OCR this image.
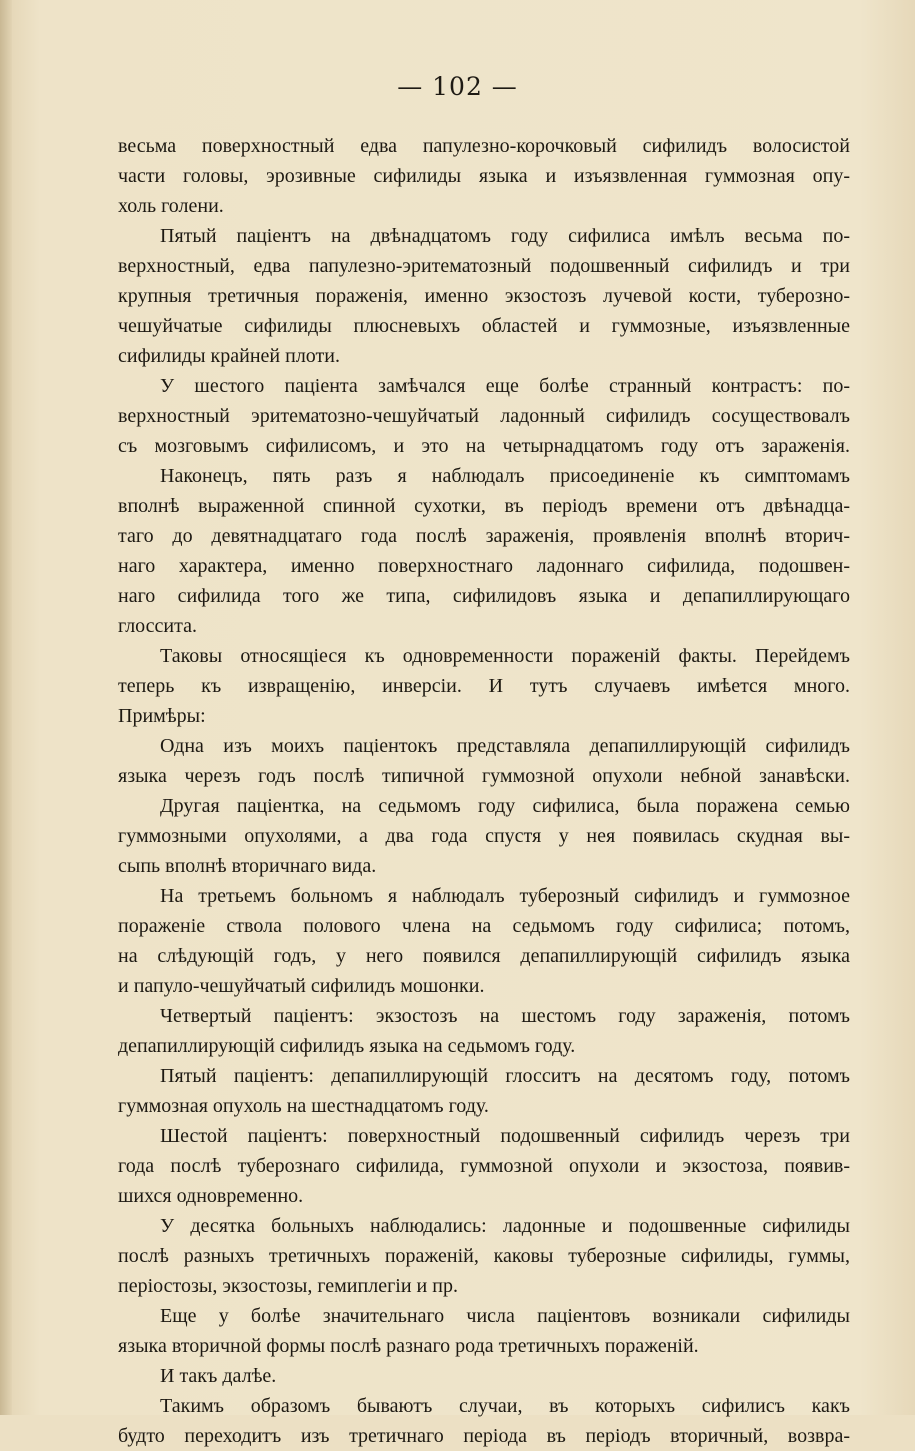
— 102 —
весьма поверхностный едва папулезно-корочковый сифилидъ волосистой
части головы, эрозивные сифилиды языка и изъязвленная гуммозная опу-
холь голени.
Пятый паціентъ на двѣнадцатомъ году сифилиса имѣлъ весьма по-
верхностный, едва папулезно-эритематозный подошвенный сифилидъ и три
крупныя третичныя пораженія, именно экзостозъ лучевой кости, туберозно-
чешуйчатые сифилиды плюсневыхъ областей и гуммозные, изъязвленные
сифилиды крайней плоти.
У шестого паціента замѣчался еще болѣе странный контрастъ: по-
верхностный эритематозно-чешуйчатый ладонный сифилидъ сосуществовалъ
съ мозговымъ сифилисомъ, и это на четырнадцатомъ году отъ зараженія.
Наконецъ, пять разъ я наблюдалъ присоединеніе къ симптомамъ
вполнѣ выраженной спинной сухотки, въ періодъ времени отъ двѣнадца-
таго до девятнадцатаго года послѣ зараженія, проявленія вполнѣ вторич-
наго характера, именно поверхностнаго ладоннаго сифилида, подошвен-
наго сифилида того же типа, сифилидовъ языка и депапиллирующаго
глоссита.
Таковы относящіеся къ одновременности пораженій факты. Перейдемъ
теперь къ извращенію, инверсіи. И тутъ случаевъ имѣется много.
Примѣры:
Одна изъ моихъ паціентокъ представляла депапиллирующій сифилидъ
языка черезъ годъ послѣ типичной гуммозной опухоли небной занавѣски.
Другая паціентка, на седьмомъ году сифилиса, была поражена семью
гуммозными опухолями, а два года спустя у нея появилась скудная вы-
сыпь вполнѣ вторичнаго вида.
На третьемъ больномъ я наблюдалъ туберозный сифилидъ и гуммозное
пораженіе ствола полового члена на седьмомъ году сифилиса; потомъ,
на слѣдующій годъ, у него появился депапиллирующій сифилидъ языка
и папуло-чешуйчатый сифилидъ мошонки.
Четвертый паціентъ: экзостозъ на шестомъ году зараженія, потомъ
депапиллирующій сифилидъ языка на седьмомъ году.
Пятый паціентъ: депапиллирующій глосситъ на десятомъ году, потомъ
гуммозная опухоль на шестнадцатомъ году.
Шестой паціентъ: поверхностный подошвенный сифилидъ черезъ три
года послѣ туберознаго сифилида, гуммозной опухоли и экзостоза, появив-
шихся одновременно.
У десятка больныхъ наблюдались: ладонные и подошвенные сифилиды
послѣ разныхъ третичныхъ пораженій, каковы туберозные сифилиды, гуммы,
періостозы, экзостозы, гемиплегіи и пр.
Еще у болѣе значительнаго числа паціентовъ возникали сифилиды
языка вторичной формы послѣ разнаго рода третичныхъ пораженій.
И такъ далѣе.
Такимъ образомъ бываютъ случаи, въ которыхъ сифилисъ какъ
будто переходитъ изъ третичнаго періода въ періодъ вторичный, возвра-
